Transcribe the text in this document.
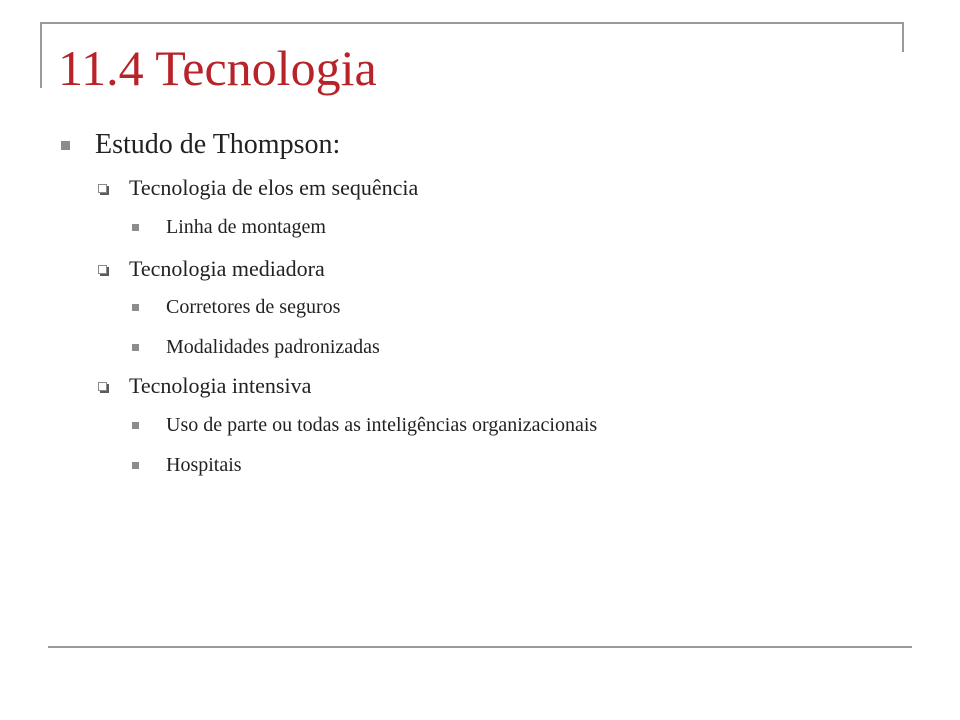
11.4 Tecnologia
Estudo de Thompson:
Tecnologia de elos em sequência
Linha de montagem
Tecnologia mediadora
Corretores de seguros
Modalidades padronizadas
Tecnologia intensiva
Uso de parte ou todas as inteligências organizacionais
Hospitais
